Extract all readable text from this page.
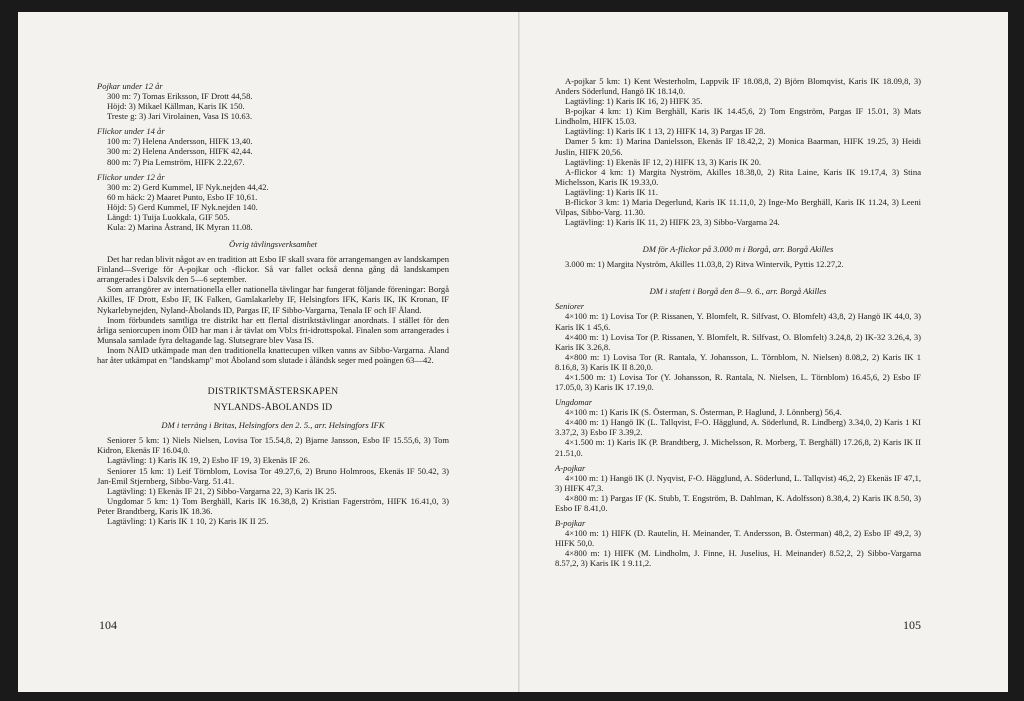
Pojkar under 12 år
300 m: 7) Tomas Eriksson, IF Drott 44,58.
Höjd: 3) Mikael Källman, Karis IK 150.
Treste g: 3) Jari Virolainen, Vasa IS 10.63.
Flickor under 14 år
100 m: 7) Helena Andersson, HIFK 13,40.
300 m: 2) Helena Andersson, HIFK 42,44.
800 m: 7) Pia Lemström, HIFK 2.22,67.
Flickor under 12 år
300 m: 2) Gerd Kummel, IF Nyk.nejden 44,42.
60 m häck: 2) Maaret Punto, Esbo IF 10,61.
Höjd: 5) Gerd Kummel, IF Nyk.nejden 140.
Längd: 1) Tuija Luokkala, GIF 505.
Kula: 2) Marina Åstrand, IK Myran 11.08.
Övrig tävlingsverksamhet
Det har redan blivit något av en tradition att Esbo IF skall svara för arrangemangen av landskampen Finland—Sverige för A-pojkar och -flickor. Så var fallet också denna gång då landskampen arrangerades i Dalsvik den 5—6 september.
Som arrangörer av internationella eller nationella tävlingar har fungerat följande föreningar: Borgå Akilles, IF Drott, Esbo IF, IK Falken, Gamlakarleby IF, Helsingfors IFK, Karis IK, IK Kronan, IF Nykarlebynejden, Nyland-Åbolands ID, Pargas IF, IF Sibbo-Vargarna, Tenala IF och IF Åland.
Inom förbundets samtliga tre distrikt har ett flertal distriktstävlingar anordnats. I stället för den årliga seniorcupen inom ÖID har man i år tävlat om Vbl:s fri-idrottspokal. Finalen som arrangerades i Munsala samlade fyra deltagande lag. Slutsegrare blev Vasa IS.
Inom NÅID utkämpade man den traditionella knattecupen vilken vanns av Sibbo-Vargarna. Åland har åter utkämpat en "landskamp" mot Åboland som slutade i åländsk seger med poängen 63—42.
DISTRIKTSMÄSTERSKAPEN
NYLANDS-ÅBOLANDS ID
DM i terräng i Britas, Helsingfors den 2. 5., arr. Helsingfors IFK
Seniorer 5 km: 1) Niels Nielsen, Lovisa Tor 15.54,8, 2) Bjarne Jansson, Esbo IF 15.55,6, 3) Tom Kidron, Ekenäs IF 16.04,0.
Lagtävling: 1) Karis IK 19, 2) Esbo IF 19, 3) Ekenäs IF 26.
Seniorer 15 km: 1) Leif Törnblom, Lovisa Tor 49.27,6, 2) Bruno Holmroos, Ekenäs IF 50.42, 3) Jan-Emil Stjernberg, Sibbo-Varg. 51.41.
Lagtävling: 1) Ekenäs IF 21, 2) Sibbo-Vargarna 22, 3) Karis IK 25.
Ungdomar 5 km: 1) Tom Berghäll, Karis IK 16.38,8, 2) Kristian Fagerström, HIFK 16.41,0, 3) Peter Brandtberg, Karis IK 18.36.
Lagtävling: 1) Karis IK 1 10, 2) Karis IK II 25.
104
A-pojkar 5 km: 1) Kent Westerholm, Lappvik IF 18.08,8, 2) Björn Blomqvist, Karis IK 18.09,8, 3) Anders Söderlund, Hangö IK 18.14,0.
Lagtävling: 1) Karis IK 16, 2) HIFK 35.
B-pojkar 4 km: 1) Kim Berghäll, Karis IK 14.45,6, 2) Tom Engström, Pargas IF 15.01, 3) Mats Lindholm, HIFK 15.03.
Lagtävling: 1) Karis IK 1 13, 2) HIFK 14, 3) Pargas IF 28.
Damer 5 km: 1) Marina Danielsson, Ekenäs IF 18.42,2, 2) Monica Baarman, HIFK 19.25, 3) Heidi Juslin, HIFK 20,56.
Lagtävling: 1) Ekenäs IF 12, 2) HIFK 13, 3) Karis IK 20.
A-flickor 4 km: 1) Margita Nyström, Akilles 18.38,0, 2) Rita Laine, Karis IK 19.17,4, 3) Stina Michelsson, Karis IK 19.33,0.
Lagtävling: 1) Karis IK 11.
B-flickor 3 km: 1) Maria Degerlund, Karis IK 11.11,0, 2) Inge-Mo Berghäll, Karis IK 11.24, 3) Leeni Vilpas, Sibbo-Varg. 11.30.
Lagtävling: 1) Karis IK 11, 2) HIFK 23, 3) Sibbo-Vargarna 24.
DM för A-flickor på 3.000 m i Borgå, arr. Borgå Akilles
3.000 m: 1) Margita Nyström, Akilles 11.03,8, 2) Ritva Wintervik, Pyttis 12.27,2.
DM i stafett i Borgå den 8—9. 6., arr. Borgå Akilles
Seniorer
4×100 m: 1) Lovisa Tor (P. Rissanen, Y. Blomfelt, R. Silfvast, O. Blomfelt) 43,8, 2) Hangö IK 44,0, 3) Karis IK 1 45,6.
4×400 m: 1) Lovisa Tor (P. Rissanen, Y. Blomfelt, R. Silfvast, O. Blomfelt) 3.24,8, 2) IK-32 3.26,4, 3) Karis IK 3.26,8.
4×800 m: 1) Lovisa Tor (R. Rantala, Y. Johansson, L. Törnblom, N. Nielsen) 8.08,2, 2) Karis IK 1 8.16,8, 3) Karis IK II 8.20,0.
4×1.500 m: 1) Lovisa Tor (Y. Johansson, R. Rantala, N. Nielsen, L. Törnblom) 16.45,6, 2) Esbo IF 17.05,0, 3) Karis IK 17.19,0.
Ungdomar
4×100 m: 1) Karis IK (S. Österman, S. Österman, P. Haglund, J. Lönnberg) 56,4.
4×400 m: 1) Hangö IK (L. Tallqvist, F-O. Hägglund, A. Söderlund, R. Lindberg) 3.34,0, 2) Karis 1 KI 3.37,2, 3) Esbo IF 3.39,2.
4×1.500 m: 1) Karis IK (P. Brandtberg, J. Michelsson, R. Morberg, T. Berghäll) 17.26,8, 2) Karis IK II 21.51,0.
A-pojkar
4×100 m: 1) Hangö IK (J. Nyqvist, F-O. Hägglund, A. Söderlund, L. Tallqvist) 46,2, 2) Ekenäs IF 47,1, 3) HIFK 47,3.
4×800 m: 1) Pargas IF (K. Stubb, T. Engström, B. Dahlman, K. Adolfsson) 8.38,4, 2) Karis IK 8.50, 3) Esbo IF 8.41,0.
B-pojkar
4×100 m: 1) HIFK (D. Rautelin, H. Meinander, T. Andersson, B. Österman) 48,2, 2) Esbo IF 49,2, 3) HIFK 50,0.
4×800 m: 1) HIFK (M. Lindholm, J. Finne, H. Juselius, H. Meinander) 8.52,2, 2) Sibbo-Vargarna 8.57,2, 3) Karis IK 1 9.11,2.
105
